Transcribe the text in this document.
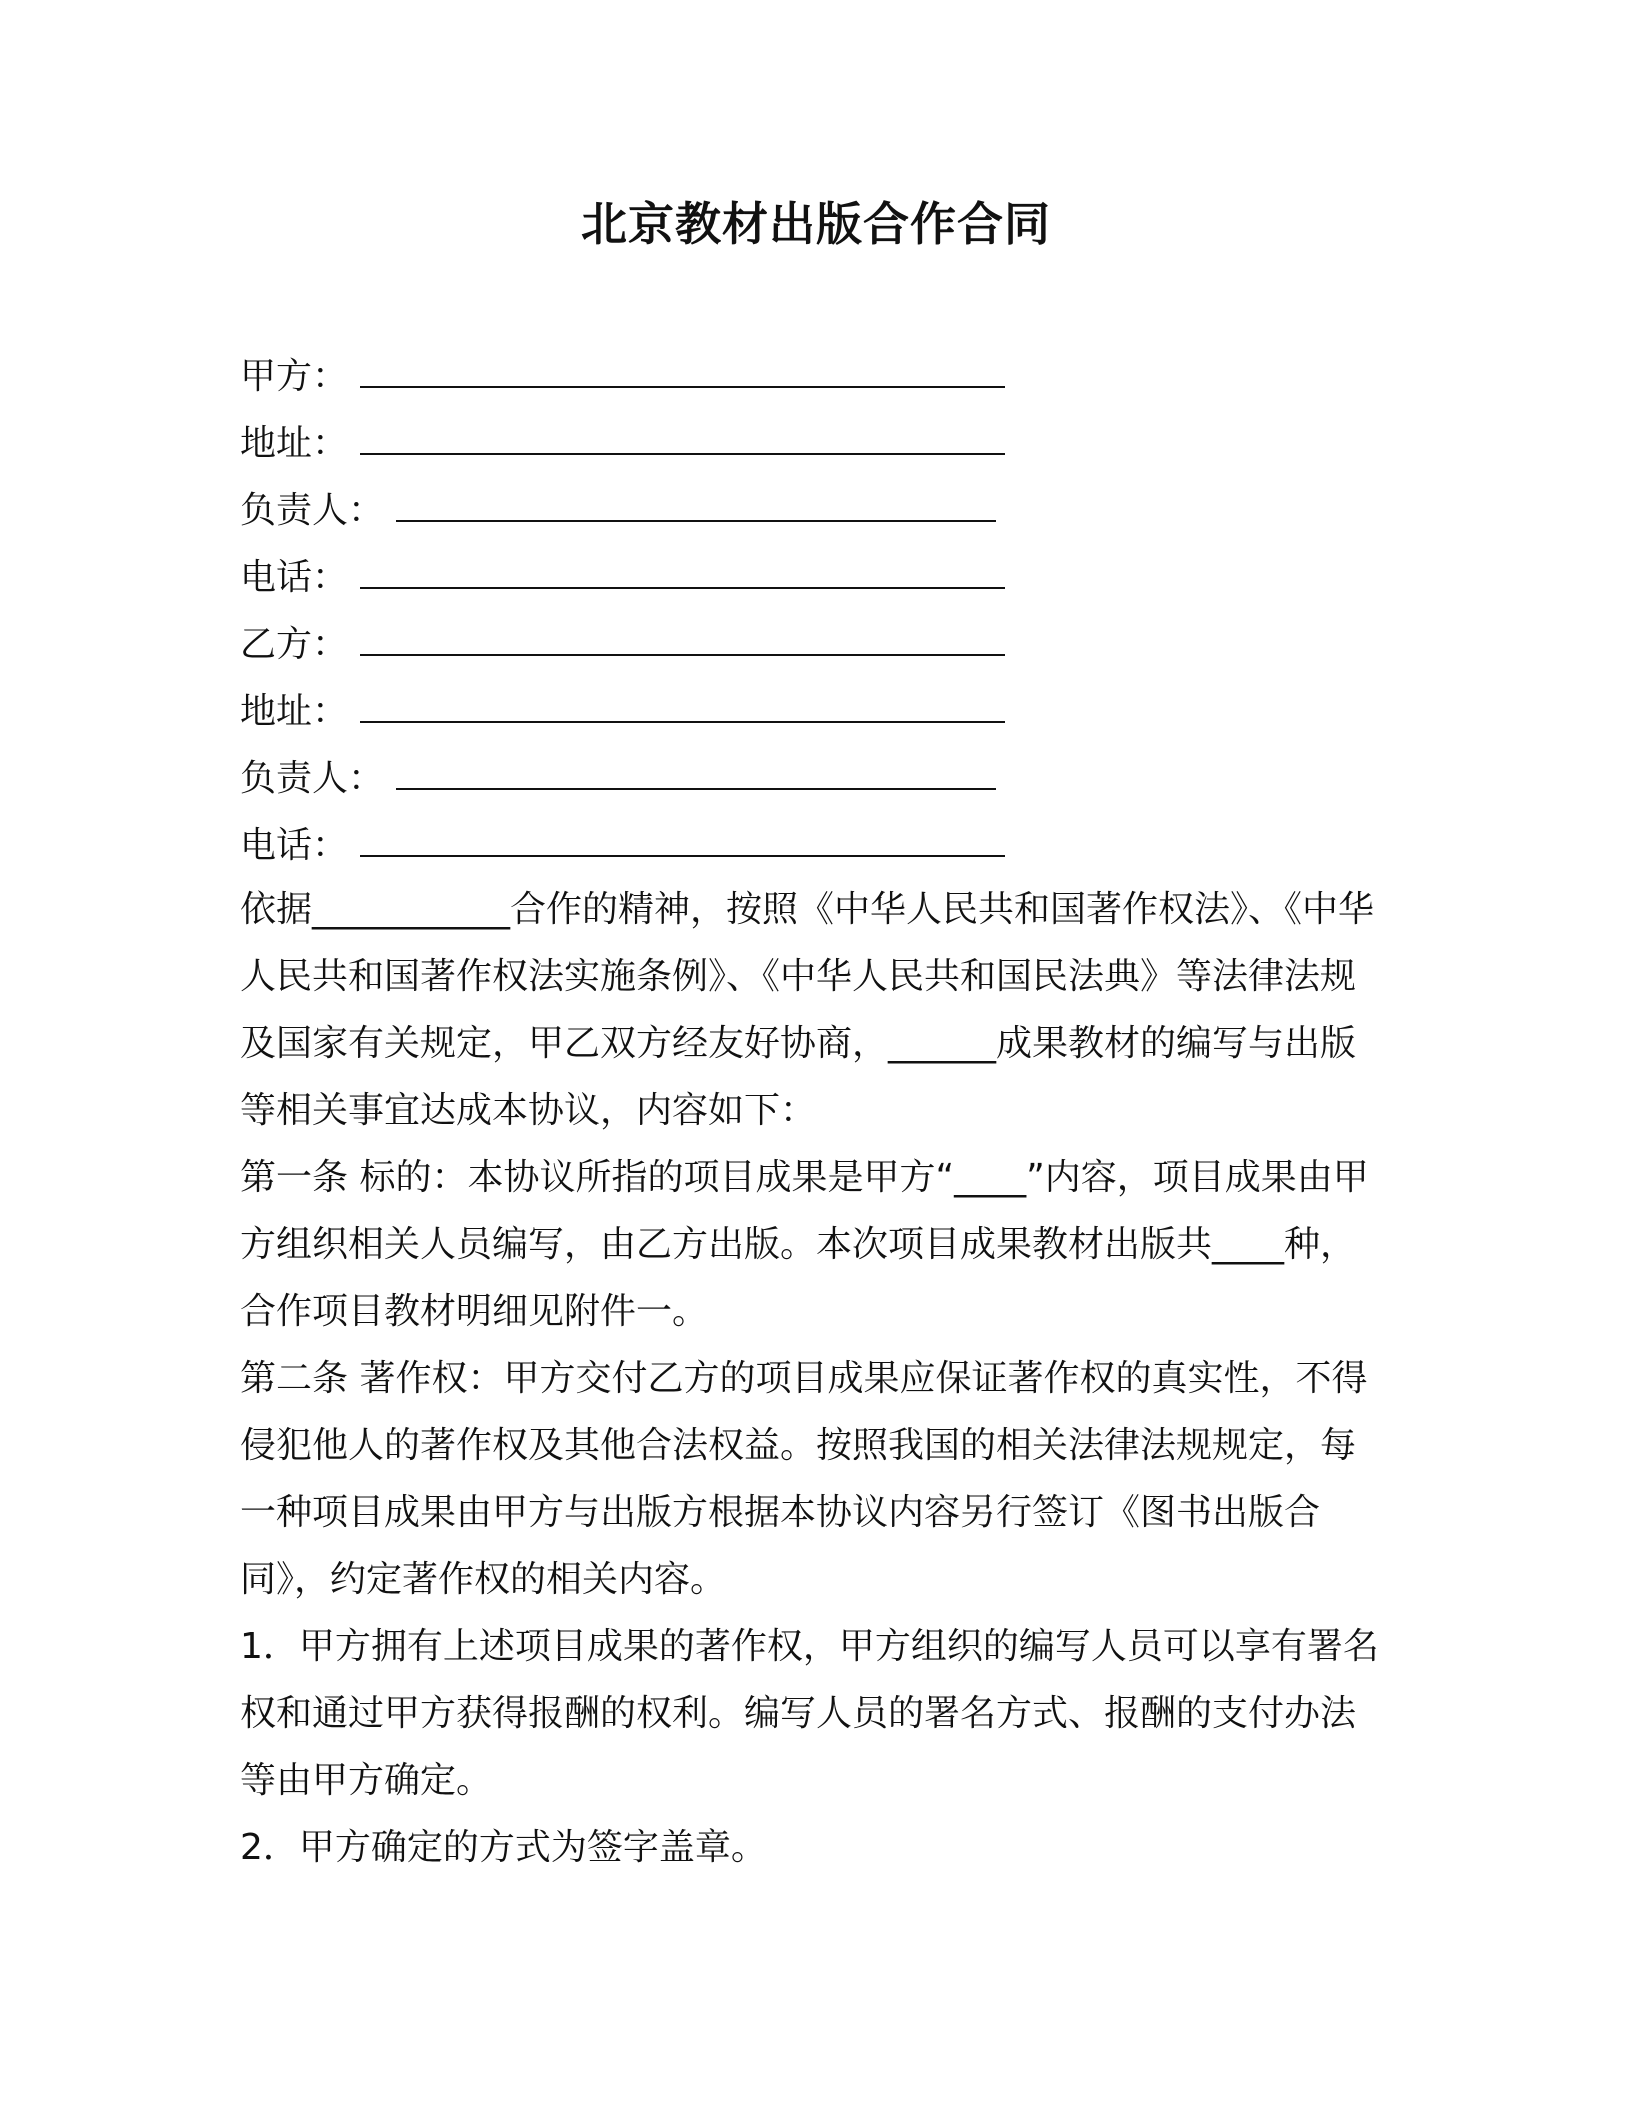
北京教材出版合作合同
甲方：
地址：
负责人：
电话：
乙方：
地址：
负责人：
电话：

依据___________合作的精神，按照《中华人民共和国著作权法》、《中华人民共和国著作权法实施条例》、《中华人民共和国民法典》等法律法规及国家有关规定，甲乙双方经友好协商，______成果教材的编写与出版等相关事宜达成本协议，内容如下：

第一条 标的：本协议所指的项目成果是甲方“____”内容，项目成果由甲方组织相关人员编写，由乙方出版。本次项目成果教材出版共____种，合作项目教材明细见附件一。

第二条 著作权：甲方交付乙方的项目成果应保证著作权的真实性，不得侵犯他人的著作权及其他合法权益。按照我国的相关法律法规规定，每一种项目成果由甲方与出版方根据本协议内容另行签订《图书出版合同》，约定著作权的相关内容。

1．甲方拥有上述项目成果的著作权，甲方组织的编写人员可以享有署名权和通过甲方获得报酬的权利。编写人员的署名方式、报酬的支付办法等由甲方确定。

2．甲方确定的方式为签字盖章。
